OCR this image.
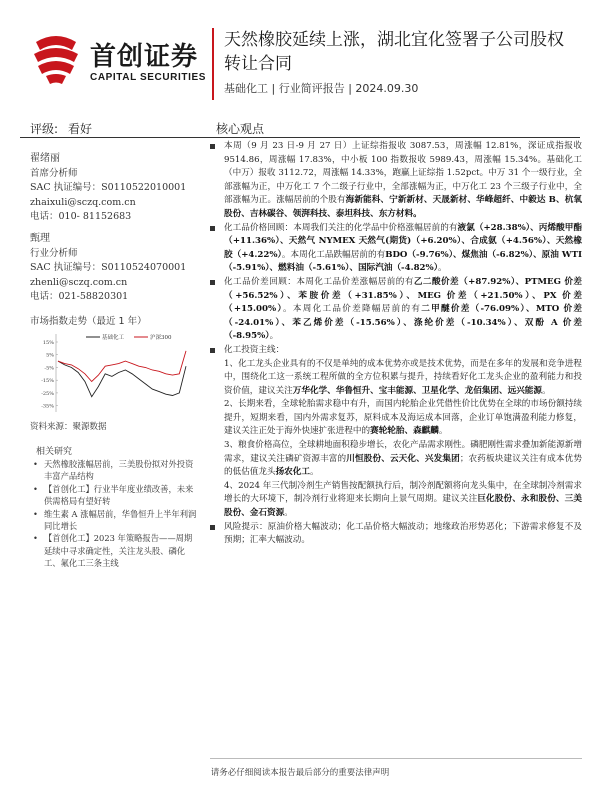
首创证券
CAPITAL SECURITIES
天然橡胶延续上涨，湖北宜化签署子公司股权转让合同
基础化工 | 行业简评报告 | 2024.09.30
评级: 看好	核心观点
翟绪丽
首席分析师
SAC 执证编号：S0110522010001
zhaixuli@sczq.com.cn
电话：010- 81152683
甄理
行业分析师
SAC 执证编号：S0110524070001
zhenli@sczq.com.cn
电话：021-58820301
市场指数走势（最近 1 年）
15%
5%
-5%
-15%
-25%
-35%
基础化工	沪深300
资料来源：聚源数据
相关研究
• 天然橡胶涨幅居前，三美股份拟对外投资丰富产品结构
• 【首创化工】行业半年度业绩改善，未来供需格局有望好转
• 维生素 A 涨幅居前，华鲁恒升上半年利润同比增长
• 【首创化工】2023 年策略报告——周期延续中寻求确定性，关注龙头股、磷化工、氟化工三条主线
本周（9 月 23 日-9 月 27 日）上证综指报收 3087.53，周涨幅 12.81%，深证成指报收 9514.86，周涨幅 17.83%，中小板 100 指数报收 5989.43，周涨幅 15.34%。基础化工（中万）报收 3112.72，周涨幅 14.33%，跑赢上证综指 1.52pct。中万 31 个一级行业，全部涨幅为正，中万化工 7 个二级子行业中，全部涨幅为正，中万化工 23 个三级子行业中，全部涨幅为正。涨幅居前的个股有海新能科、宁新新材、天晟新材、华峰超纤、中毅达 B、杭氧股份、吉林碳谷、领湃科技、泰坦科技、东方材料。
化工品价格回顾：本周我们关注的化学品中价格涨幅居前的有液氯（+28.38%）、丙烯酸甲酯（+11.36%）、天然气 NYMEX 天然气(期货)（+6.20%）、合成氨（+4.56%）、天然橡胶（+4.22%）。本周化工品跌幅居前的有BDO（-9.76%）、煤焦油（-6.82%）、原油 WTI（-5.91%）、燃料油（-5.61%）、国际汽油（-4.82%）。
化工品价差回顾：本周化工品价差涨幅居前的有乙二酸价差（+87.92%）、PTMEG 价差（+56.52%）、苯胺价差（+31.85%）、MEG 价差（+21.50%）、PX 价差（+15.00%）。本周化工品价差降幅居前的有二甲醚价差（-76.09%）、MTO 价差（-24.01%）、苯乙烯价差（-15.56%）、涤纶价差（-10.34%）、双酚 A 价差（-8.95%）。
化工投资主线：
1、化工龙头企业具有的不仅是单纯的成本优势亦或是技术优势，而是在多年的发展和竞争进程中，围绕化工这一系统工程所做的全方位积累与提升，持续看好化工龙头企业的盈利能力和投资价值，建议关注万华化学、华鲁恒升、宝丰能源、卫星化学、龙佰集团、远兴能源。
2、长期来看，全球轮胎需求稳中有升，而国内轮胎企业凭借性价比优势在全球的市场份额持续提升，短期来看，国内外需求复苏，原料成本及海运成本回落，企业订单饱满盈利能力修复，建议关注正处于海外快速扩张进程中的赛轮轮胎、森麒麟。
3、粮食价格高位，全球耕地面积稳步增长，农化产品需求刚性。磷肥刚性需求叠加新能源新增需求，建议关注磷矿资源丰富的川恒股份、云天化、兴发集团；农药板块建议关注有成本优势的低估值龙头扬农化工。
4、2024 年三代制冷剂生产销售按配额执行后，制冷剂配额将向龙头集中，在全球制冷剂需求增长的大环境下，制冷剂行业将迎来长期向上景气周期。建议关注巨化股份、永和股份、三美股份、金石资源。
风险提示：原油价格大幅波动；化工品价格大幅波动；地缘政治形势恶化；下游需求修复不及预期；汇率大幅波动。
请务必仔细阅读本报告最后部分的重要法律声明
